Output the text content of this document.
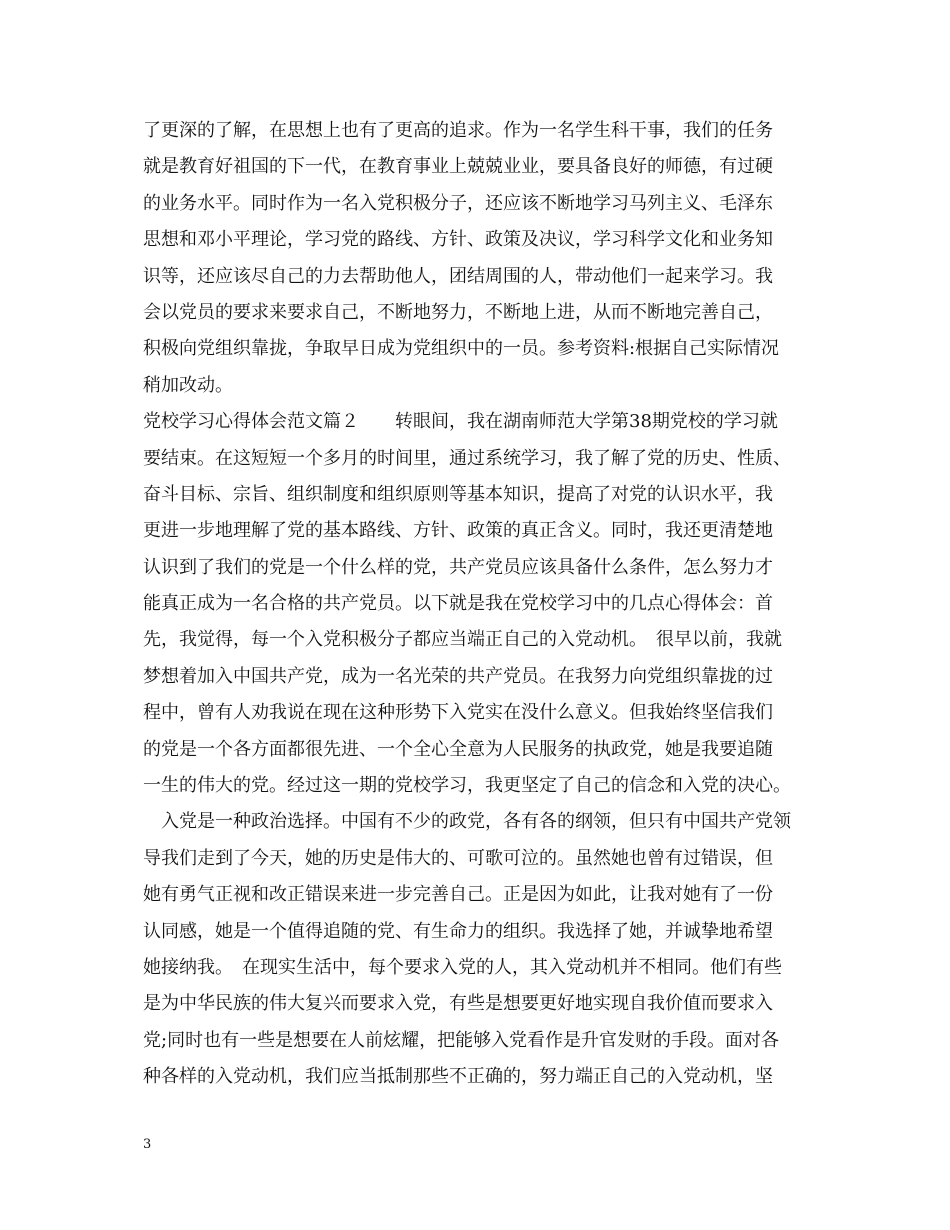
了更深的了解，在思想上也有了更高的追求。作为一名学生科干事，我们的任务
就是教育好祖国的下一代，在教育事业上兢兢业业，要具备良好的师德，有过硬
的业务水平。同时作为一名入党积极分子，还应该不断地学习马列主义、毛泽东
思想和邓小平理论，学习党的路线、方针、政策及决议，学习科学文化和业务知
识等，还应该尽自己的力去帮助他人，团结周围的人，带动他们一起来学习。我
会以党员的要求来要求自己，不断地努力，不断地上进，从而不断地完善自己，
积极向党组织靠拢，争取早日成为党组织中的一员。参考资料:根据自己实际情况
稍加改动。
党校学习心得体会范文篇２　　转眼间，我在湖南师范大学第38期党校的学习就
要结束。在这短短一个多月的时间里，通过系统学习，我了解了党的历史、性质、
奋斗目标、宗旨、组织制度和组织原则等基本知识，提高了对党的认识水平，我
更进一步地理解了党的基本路线、方针、政策的真正含义。同时，我还更清楚地
认识到了我们的党是一个什么样的党，共产党员应该具备什么条件，怎么努力才
能真正成为一名合格的共产党员。以下就是我在党校学习中的几点心得体会：首
先，我觉得，每一个入党积极分子都应当端正自己的入党动机。　很早以前，我就
梦想着加入中国共产党，成为一名光荣的共产党员。在我努力向党组织靠拢的过
程中，曾有人劝我说在现在这种形势下入党实在没什么意义。但我始终坚信我们
的党是一个各方面都很先进、一个全心全意为人民服务的执政党，她是我要追随
一生的伟大的党。经过这一期的党校学习，我更坚定了自己的信念和入党的决心。
　入党是一种政治选择。中国有不少的政党，各有各的纲领，但只有中国共产党领
导我们走到了今天，她的历史是伟大的、可歌可泣的。虽然她也曾有过错误，但
她有勇气正视和改正错误来进一步完善自己。正是因为如此，让我对她有了一份
认同感，她是一个值得追随的党、有生命力的组织。我选择了她，并诚挚地希望
她接纳我。　在现实生活中，每个要求入党的人，其入党动机并不相同。他们有些
是为中华民族的伟大复兴而要求入党，有些是想要更好地实现自我价值而要求入
党;同时也有一些是想要在人前炫耀，把能够入党看作是升官发财的手段。面对各
种各样的入党动机，我们应当抵制那些不正确的，努力端正自己的入党动机，坚
3
